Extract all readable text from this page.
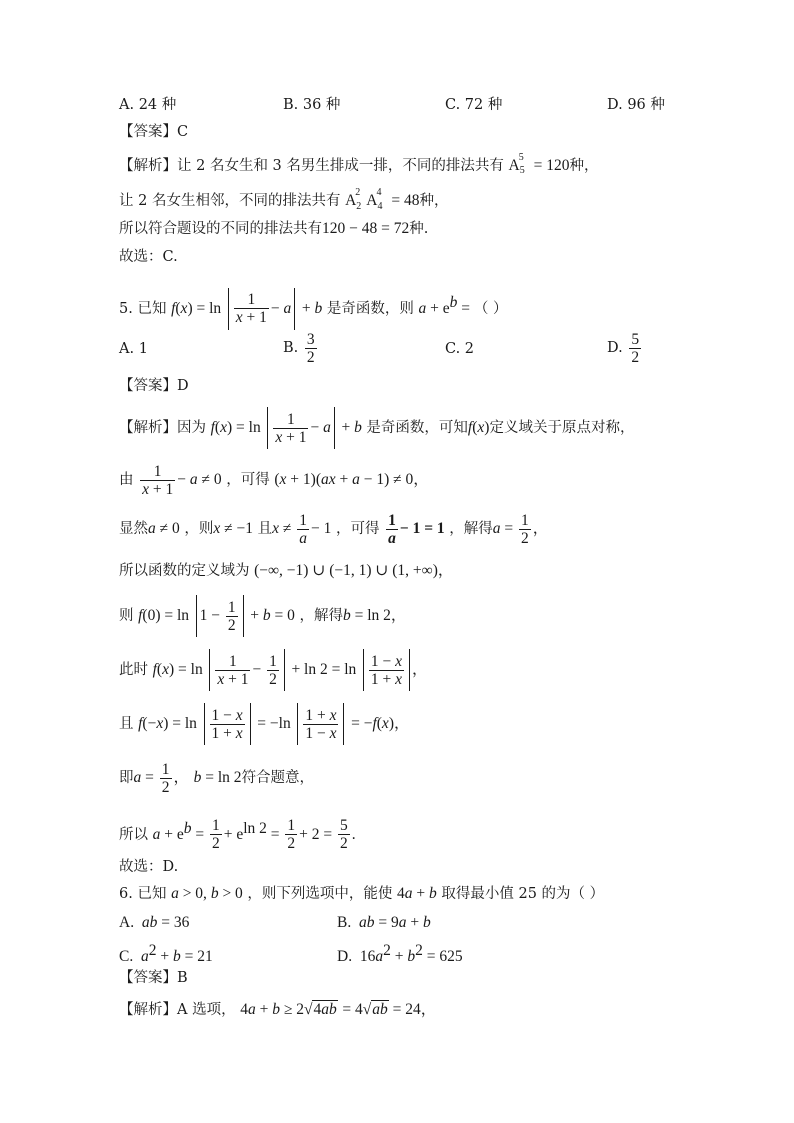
A. 24 种	B. 36 种	C. 72 种	D. 96 种
【答案】C
【解析】让 2 名女生和 3 名男生排成一排，不同的排法共有 $A_5^5 = 120$种，
让 2 名女生相邻，不同的排法共有 $A_2^2$ $A_4^4 = 48$种，
所以符合题设的不同的排法共有120 − 48 = 72种.
故选：C.
5. 已知 $f(x) = \ln \frac{1}{x + 1} - a + b$ 是奇函数，则 $a + e^b$ = （ ）
A. 1	B. $\frac{3}{2}$	C. 2	D. $\frac{5}{2}$
【答案】D
【解析】因为 $f(x) = \ln \frac{1}{x + 1} - a + b$ 是奇函数，可知f(x)定义域关于原点对称，
由 $\frac{1}{x + 1} - a \ne 0$ ，可得 (x + 1)(ax + a − 1) ≠ 0，
显然a ≠ 0 ，则x ≠ −1 且$x \ne \frac{1}{a} - 1$ ，可得 $\frac{1}{a} - 1 = 1$ ，解得$a = \frac{1}{2}$ ，
所以函数的定义域为 (−∞, −1) ∪ (−1, 1) ∪ (1, +∞)，
则 $f(0) = \ln 1 - \frac{1}{2} + b = 0$ ，解得b = ln 2，
此时 $f(x) = \ln \frac{1}{x + 1} - \frac{1}{2} + \ln 2 = \ln \frac{1 - x}{1 + x}$ ，
且 $f(-x) = \ln \frac{1 - x}{1 + x} = -\ln \frac{1 + x}{1 - x} = -f(x)$，
即$a = \frac{1}{2}$ ， b = ln 2符合题意，
所以 $a + e^b = \frac{1}{2} + e^{ln 2} = \frac{1}{2} + 2 = \frac{5}{2}$ .
故选：D.
6. 已知 a > 0, b > 0 ，则下列选项中，能使 4a + b 取得最小值 25 的为（ ）
A.  ab = 36	B.  ab = 9a + b
C.  $a^2 + b = 21$	D.  $16a^2 + b^2 = 625$
【答案】B
【解析】A 选项， 4a + b ≥ 2√4ab = 4√ab = 24，
